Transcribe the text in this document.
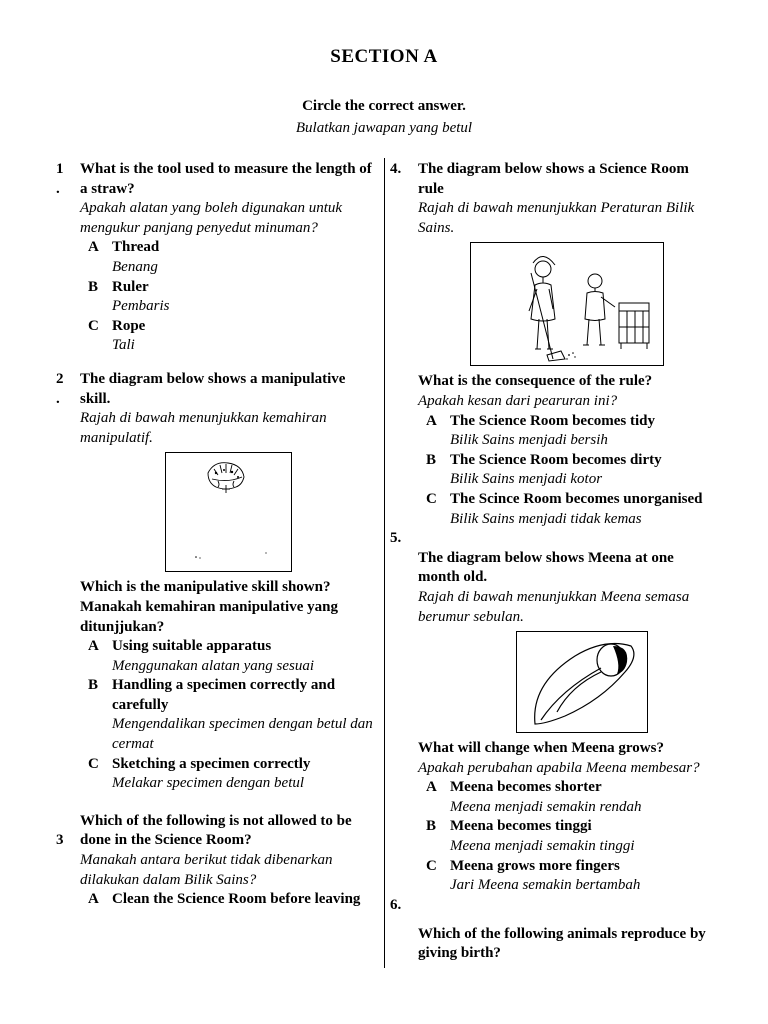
SECTION A
Circle the correct answer.
Bulatkan jawapan yang betul
1
.
What is the tool used to measure the length of a straw?
Apakah alatan yang boleh digunakan untuk mengukur panjang penyedut minuman?
A Thread
Benang
B Ruler
Pembaris
C Rope
Tali
2
.
The diagram below shows a manipulative skill.
Rajah di bawah menunjukkan kemahiran manipulatif.
Which is the manipulative skill shown?
Manakah kemahiran manipulative yang ditunjjukan?
A Using suitable apparatus
Menggunakan alatan yang sesuai
B Handling a specimen correctly and carefully
Mengendalikan specimen dengan betul dan cermat
C Sketching a specimen correctly
Melakar specimen dengan betul
3
Which of the following is not allowed to be done in the Science Room?
Manakah antara berikut tidak dibenarkan dilakukan dalam Bilik Sains?
A Clean the Science Room before leaving
4.	The diagram below shows a Science Room rule
Rajah di bawah menunjukkan Peraturan Bilik Sains.
What is the consequence of the rule?
Apakah kesan dari pearuran ini?
A The Science Room becomes tidy
Bilik Sains menjadi bersih
B The Science Room becomes dirty
Bilik Sains menjadi kotor
C The Scince Room becomes unorganised
Bilik Sains menjadi tidak kemas
5.
The diagram below shows Meena at one month old.
Rajah di bawah menunjukkan Meena semasa berumur sebulan.
What will change when Meena grows?
Apakah perubahan apabila Meena membesar?
A Meena becomes shorter
Meena menjadi semakin rendah
B Meena becomes tinggi
Meena menjadi semakin tinggi
C Meena grows more fingers
Jari Meena semakin bertambah
6.
Which of the following animals reproduce by giving birth?
